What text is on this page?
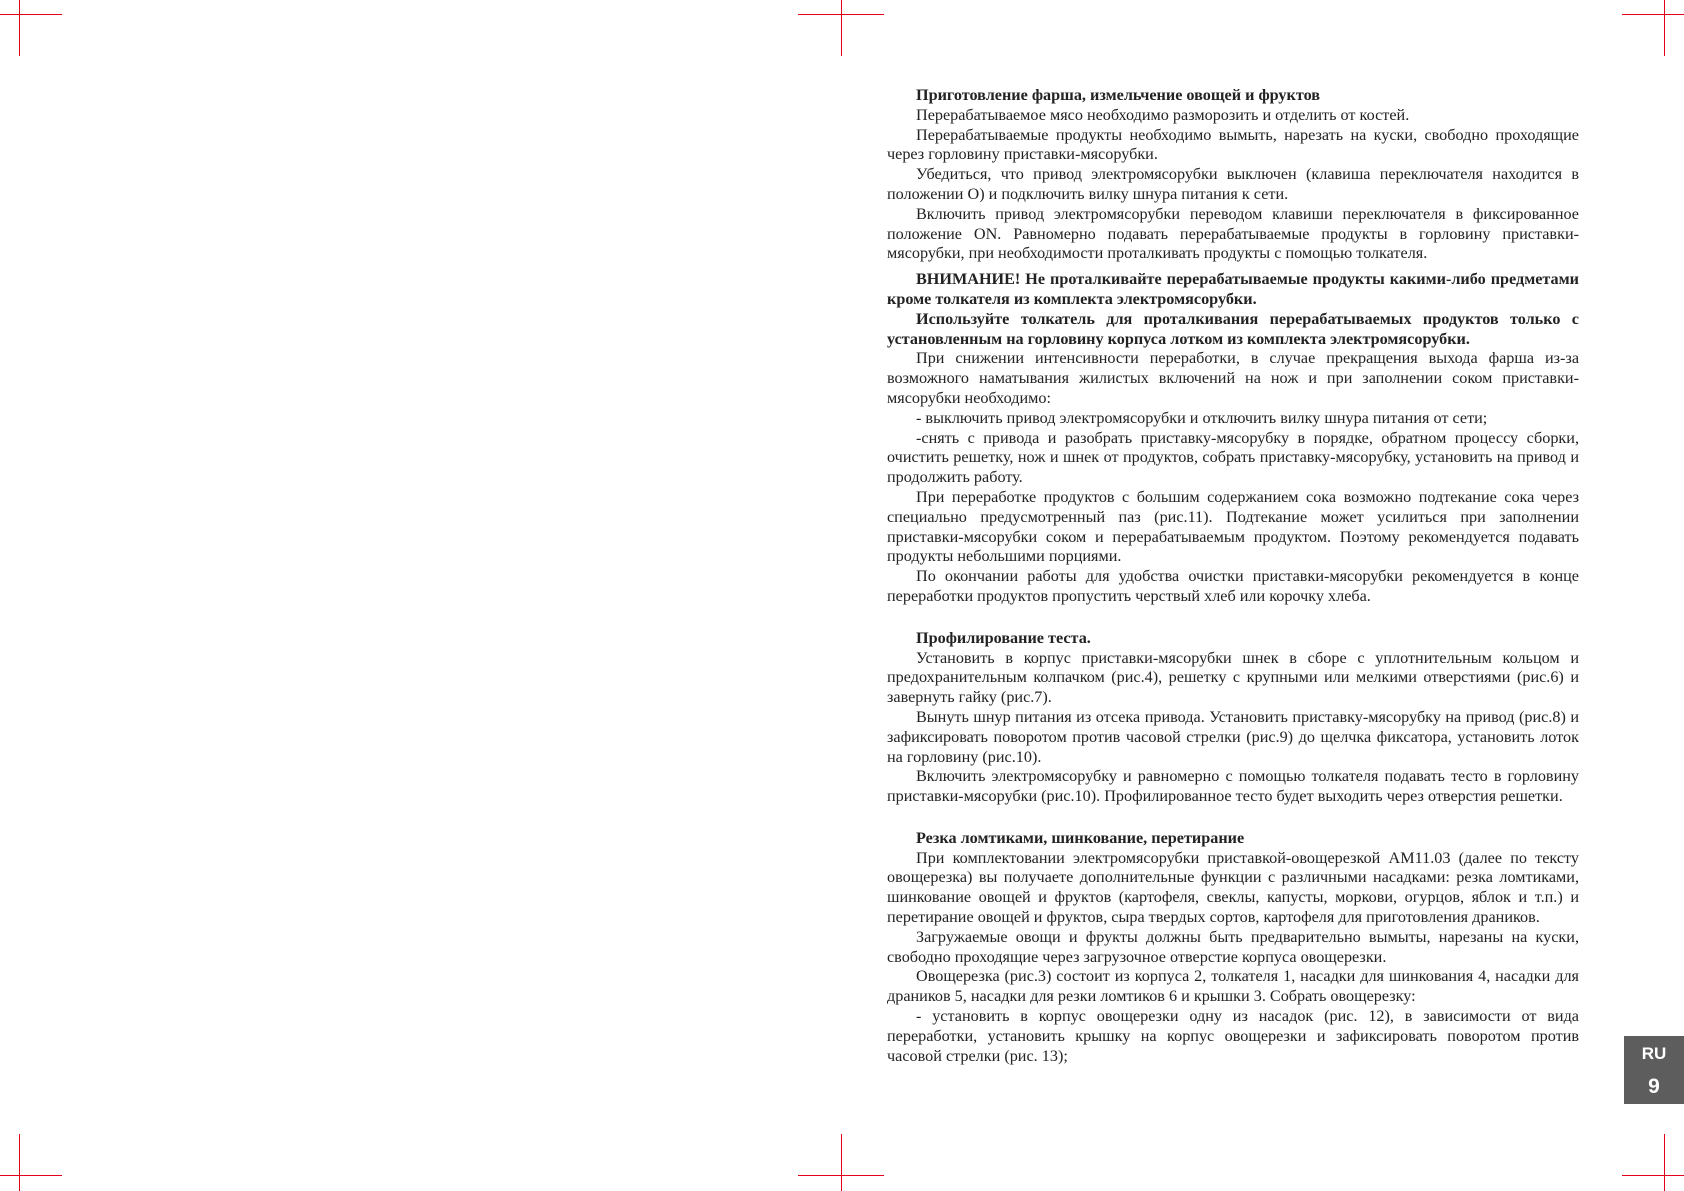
Приготовление фарша, измельчение овощей и фруктов

Перерабатываемое мясо необходимо разморозить и отделить от костей.

Перерабатываемые продукты необходимо вымыть, нарезать на куски, свободно проходящие через горловину приставки-мясорубки.

Убедиться, что привод электромясорубки выключен (клавиша переключателя находится в положении O) и подключить вилку шнура питания к сети.

Включить привод электромясорубки переводом клавиши переключателя в фиксированное положение ON. Равномерно подавать перерабатываемые продукты в горловину приставки-мясорубки, при необходимости проталкивать продукты с помощью толкателя.

ВНИМАНИЕ! Не проталкивайте перерабатываемые продукты какими-либо предметами кроме толкателя из комплекта электромясорубки.

Используйте толкатель для проталкивания перерабатываемых продуктов только с установленным на горловину корпуса лотком из комплекта электромясорубки.

При снижении интенсивности переработки, в случае прекращения выхода фарша из-за возможного наматывания жилистых включений на нож и при заполнении соком приставки-мясорубки необходимо:

- выключить привод электромясорубки и отключить вилку шнура питания от сети;

-снять с привода и разобрать приставку-мясорубку в порядке, обратном процессу сборки, очистить решетку, нож и шнек от продуктов, собрать приставку-мясорубку, установить на привод и продолжить работу.

При переработке продуктов с большим содержанием сока возможно подтекание сока через специально предусмотренный паз (рис.11). Подтекание может усилиться при заполнении приставки-мясорубки соком и перерабатываемым продуктом. Поэтому рекомендуется подавать продукты небольшими порциями.

По окончании работы для удобства очистки приставки-мясорубки рекомендуется в конце переработки продуктов пропустить черствый хлеб или корочку хлеба.

Профилирование теста.

Установить в корпус приставки-мясорубки шнек в сборе с уплотнительным кольцом и предохранительным колпачком (рис.4), решетку с крупными или мелкими отверстиями (рис.6) и завернуть гайку (рис.7).

Вынуть шнур питания из отсека привода. Установить приставку-мясорубку на привод (рис.8) и зафиксировать поворотом против часовой стрелки (рис.9) до щелчка фиксатора, установить лоток на горловину (рис.10).

Включить электромясорубку и равномерно с помощью толкателя подавать тесто в горловину приставки-мясорубки (рис.10). Профилированное тесто будет выходить через отверстия решетки.

Резка ломтиками, шинкование, перетирание

При комплектовании электромясорубки приставкой-овощерезкой АМ11.03 (далее по тексту овощерезка) вы получаете дополнительные функции с различными насадками: резка ломтиками, шинкование овощей и фруктов (картофеля, свеклы, капусты, моркови, огурцов, яблок и т.п.) и перетирание овощей и фруктов, сыра твердых сортов, картофеля для приготовления драников.

Загружаемые овощи и фрукты должны быть предварительно вымыты, нарезаны на куски, свободно проходящие через загрузочное отверстие корпуса овощерезки.

Овощерезка (рис.3) состоит из корпуса 2, толкателя 1, насадки для шинкования 4, насадки для драников 5, насадки для резки ломтиков 6 и крышки 3. Собрать овощерезку:

- установить в корпус овощерезки одну из насадок (рис. 12), в зависимости от вида переработки, установить крышку на корпус овощерезки и зафиксировать поворотом против часовой стрелки (рис. 13);	RU
9
